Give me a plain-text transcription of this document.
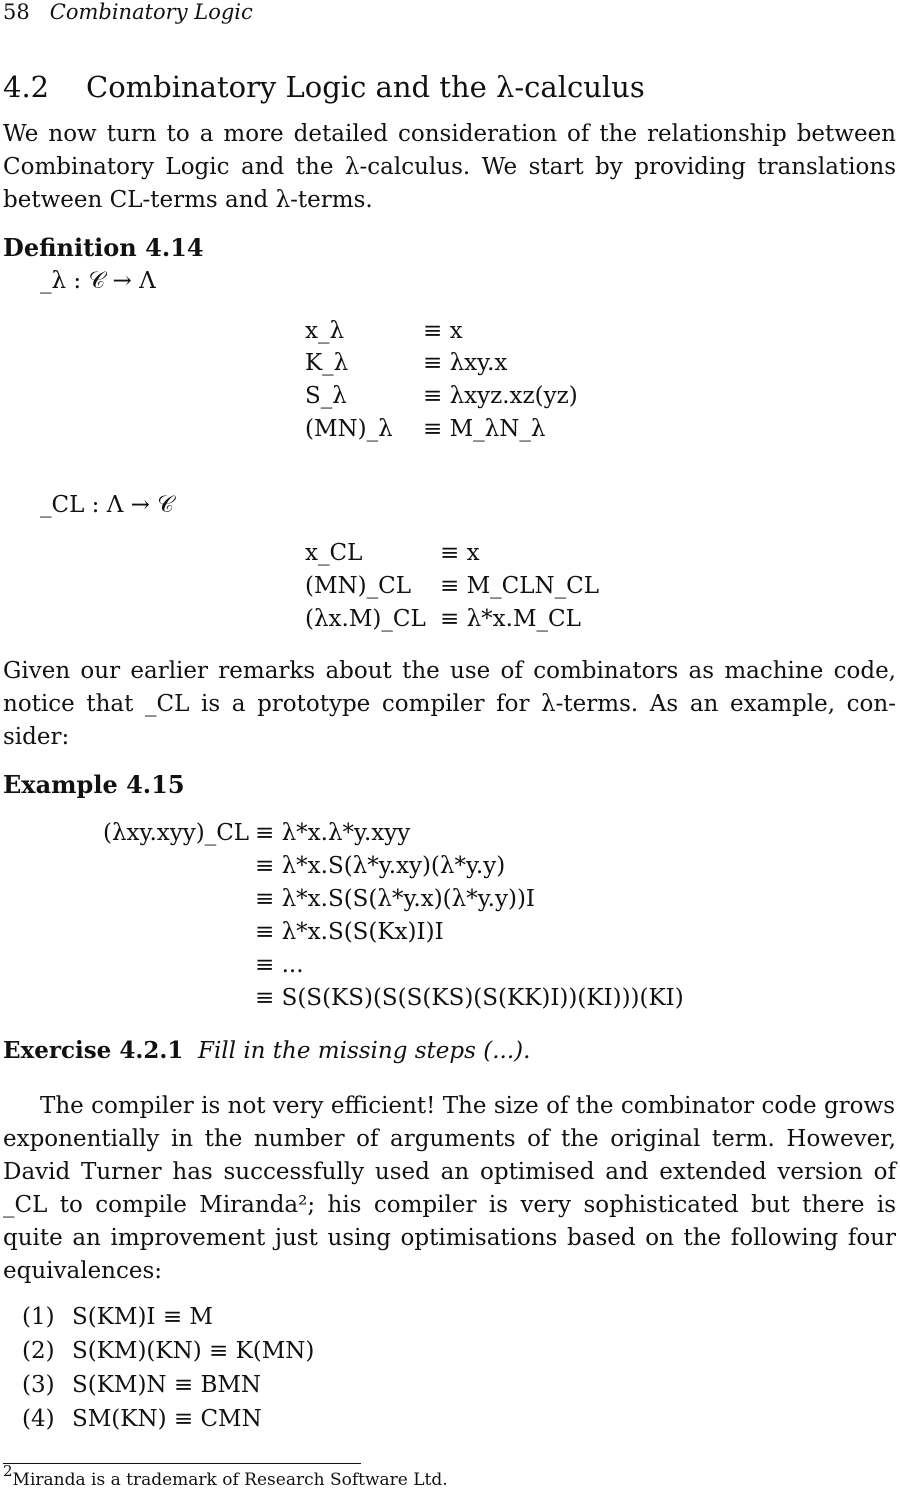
58 Combinatory Logic
4.2 Combinatory Logic and the λ-calculus
We now turn to a more detailed consideration of the relationship between
Combinatory Logic and the λ-calculus. We start by providing translations
between CL-terms and λ-terms.
Definition 4.14
_λ : 𝒞 → Λ
x_λ	≡ x
K_λ	≡ λxy.x
S_λ	≡ λxyz.xz(yz)
(MN)_λ ≡ M_λN_λ
_CL : Λ → 𝒞
x_CL	≡ x
(MN)_CL ≡ M_CLN_CL
(λx.M)_CL ≡ λ*x.M_CL
Given our earlier remarks about the use of combinators as machine code,
notice that _CL is a prototype compiler for λ-terms. As an example, con-
sider:
Example 4.15
(λxy.xyy)_CL ≡ λ*x.λ*y.xyy
≡ λ*x.S(λ*y.xy)(λ*y.y)
≡ λ*x.S(S(λ*y.x)(λ*y.y))I
≡ λ*x.S(S(Kx)I)I
≡ ...
≡ S(S(KS)(S(S(KS)(S(KK)I))(KI)))(KI)
Exercise 4.2.1 Fill in the missing steps (...).
The compiler is not very efficient! The size of the combinator code grows
exponentially in the number of arguments of the original term. However,
David Turner has successfully used an optimised and extended version of
_CL to compile Miranda²; his compiler is very sophisticated but there is
quite an improvement just using optimisations based on the following four
equivalences:
(1) S(KM)I ≡ M
(2) S(KM)(KN) ≡ K(MN)
(3) S(KM)N ≡ BMN
(4) SM(KN) ≡ CMN
2Miranda is a trademark of Research Software Ltd.
